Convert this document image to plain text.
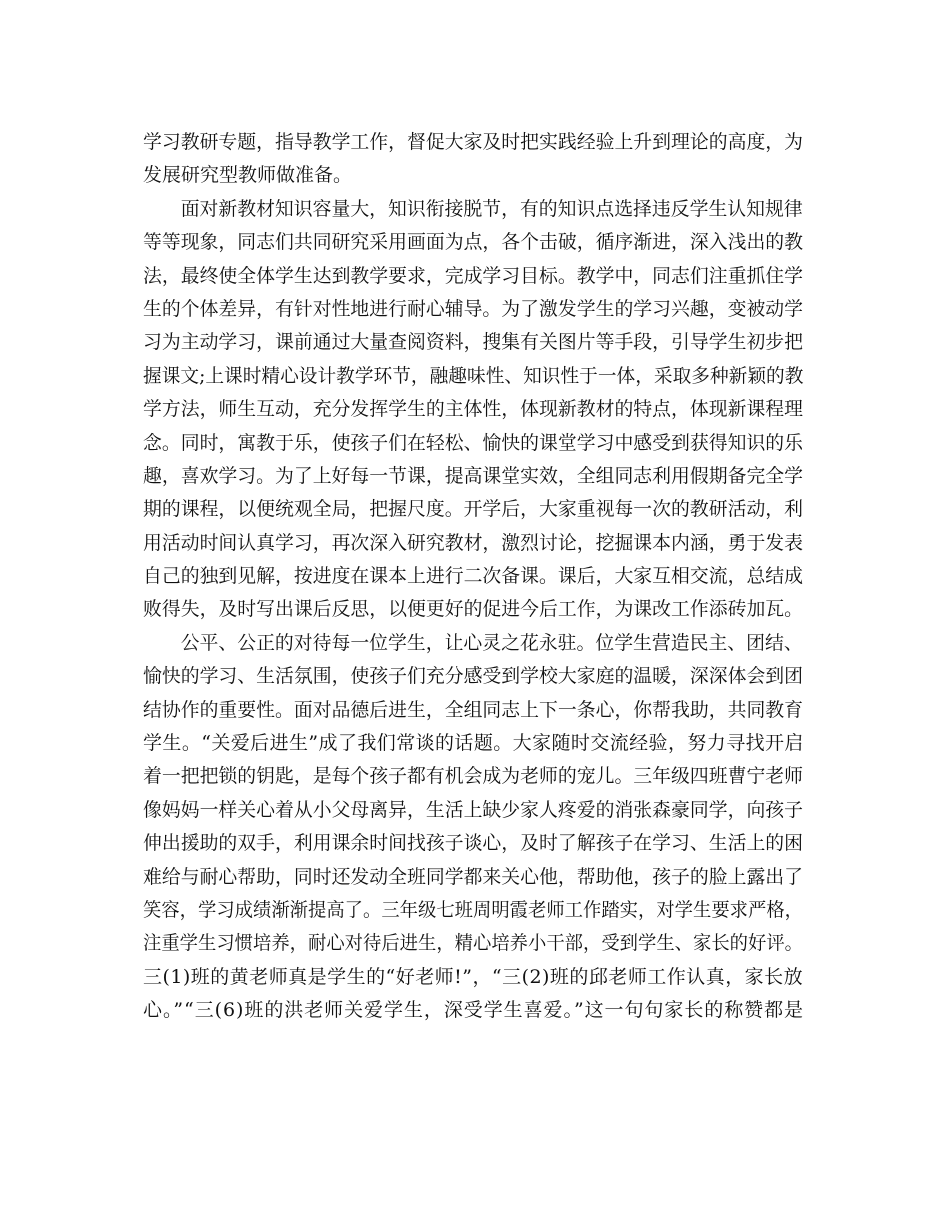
学习教研专题，指导教学工作，督促大家及时把实践经验上升到理论的高度，为
发展研究型教师做准备。
面对新教材知识容量大，知识衔接脱节，有的知识点选择违反学生认知规律
等等现象，同志们共同研究采用画面为点，各个击破，循序渐进，深入浅出的教
法，最终使全体学生达到教学要求，完成学习目标。教学中，同志们注重抓住学
生的个体差异，有针对性地进行耐心辅导。为了激发学生的学习兴趣，变被动学
习为主动学习，课前通过大量查阅资料，搜集有关图片等手段，引导学生初步把
握课文;上课时精心设计教学环节，融趣味性、知识性于一体，采取多种新颖的教
学方法，师生互动，充分发挥学生的主体性，体现新教材的特点，体现新课程理
念。同时，寓教于乐，使孩子们在轻松、愉快的课堂学习中感受到获得知识的乐
趣，喜欢学习。为了上好每一节课，提高课堂实效，全组同志利用假期备完全学
期的课程，以便统观全局，把握尺度。开学后，大家重视每一次的教研活动，利
用活动时间认真学习，再次深入研究教材，激烈讨论，挖掘课本内涵，勇于发表
自己的独到见解，按进度在课本上进行二次备课。课后，大家互相交流，总结成
败得失，及时写出课后反思，以便更好的促进今后工作，为课改工作添砖加瓦。
公平、公正的对待每一位学生，让心灵之花永驻。位学生营造民主、团结、
愉快的学习、生活氛围，使孩子们充分感受到学校大家庭的温暖，深深体会到团
结协作的重要性。面对品德后进生，全组同志上下一条心，你帮我助，共同教育
学生。“关爱后进生”成了我们常谈的话题。大家随时交流经验，努力寻找开启
着一把把锁的钥匙，是每个孩子都有机会成为老师的宠儿。三年级四班曹宁老师
像妈妈一样关心着从小父母离异，生活上缺少家人疼爱的消张森豪同学，向孩子
伸出援助的双手，利用课余时间找孩子谈心，及时了解孩子在学习、生活上的困
难给与耐心帮助，同时还发动全班同学都来关心他，帮助他，孩子的脸上露出了
笑容，学习成绩渐渐提高了。三年级七班周明霞老师工作踏实，对学生要求严格，
注重学生习惯培养，耐心对待后进生，精心培养小干部，受到学生、家长的好评。
三(1)班的黄老师真是学生的“好老师!”，“三(2)班的邱老师工作认真，家长放
心。”“三(6)班的洪老师关爱学生，深受学生喜爱。”这一句句家长的称赞都是
